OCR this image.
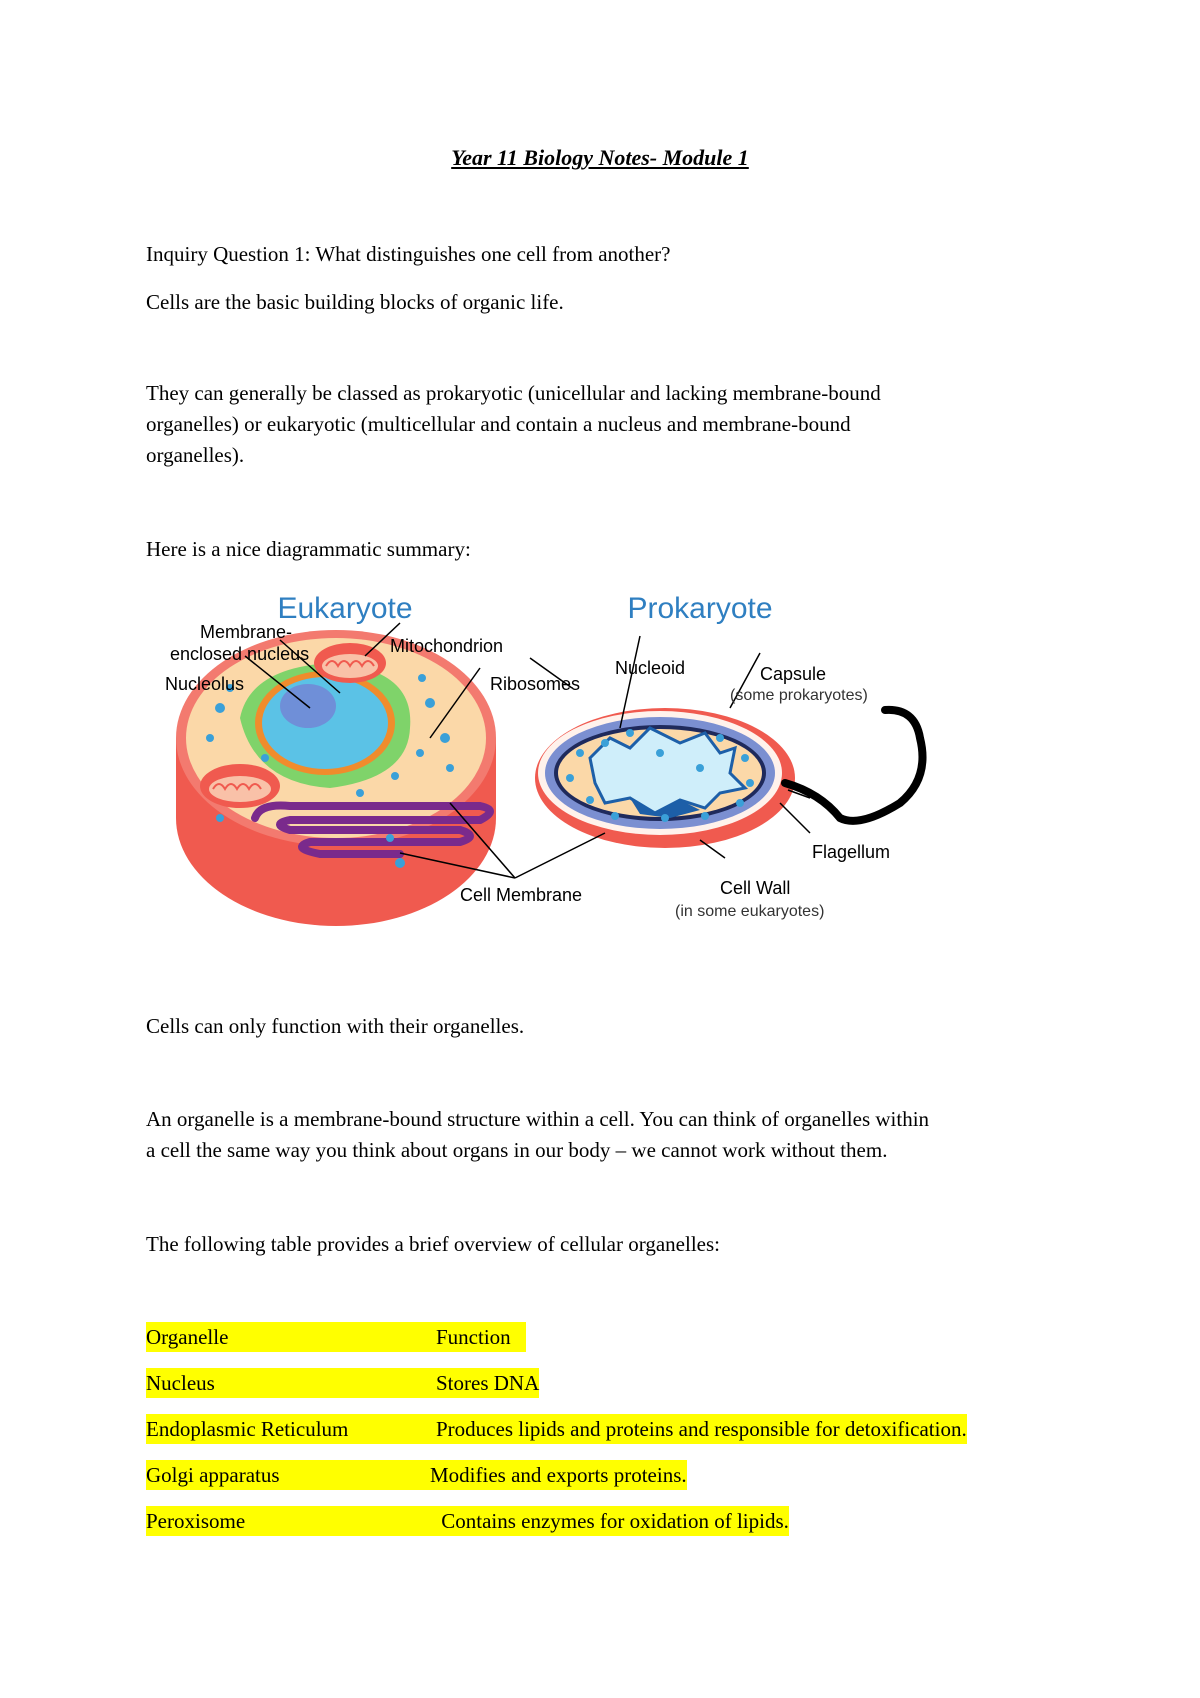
Year 11 Biology Notes- Module 1
Inquiry Question 1: What distinguishes one cell from another?
Cells are the basic building blocks of organic life.
They can generally be classed as prokaryotic (unicellular and lacking membrane-bound
organelles) or eukaryotic (multicellular and contain a nucleus and membrane-bound
organelles).
Here is a nice diagrammatic summary:
Eukaryote	Prokaryote
Membrane-
enclosed nucleus	Mitochondrion
Nucleolus	Ribosomes
Nucleoid	Capsule
(some prokaryotes)
Flagellum
Cell Membrane	Cell Wall
(in some eukaryotes)
Cells can only function with their organelles.
An organelle is a membrane-bound structure within a cell. You can think of organelles within
a cell the same way you think about organs in our body – we cannot work without them.
The following table provides a brief overview of cellular organelles:
Organelle	Function
Nucleus	Stores DNA
Endoplasmic Reticulum	Produces lipids and proteins and responsible for detoxification.
Golgi apparatus	Modifies and exports proteins.
Peroxisome	Contains enzymes for oxidation of lipids.
